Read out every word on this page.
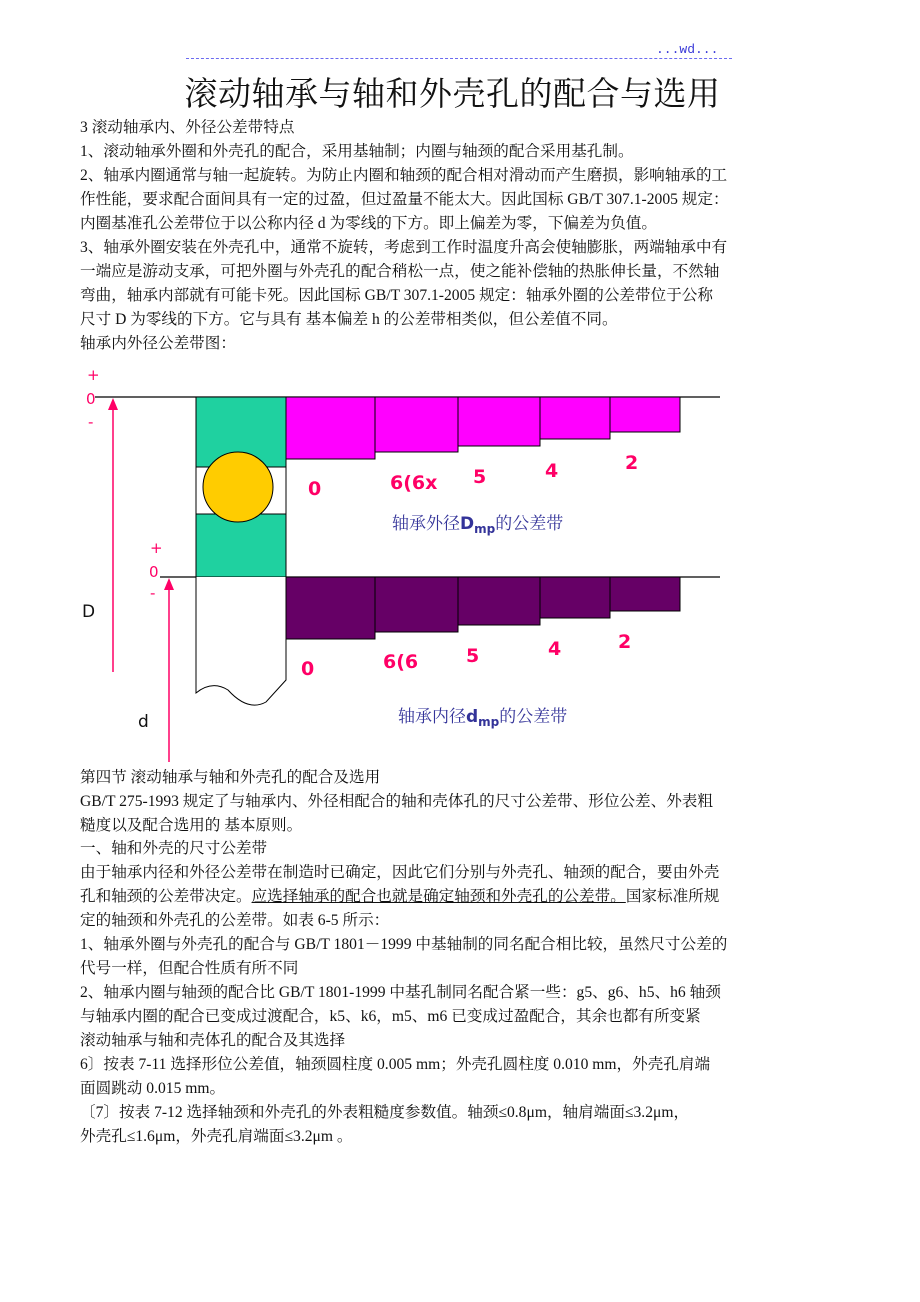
...wd...
滚动轴承与轴和外壳孔的配合与选用
3 滚动轴承内、外径公差带特点
1、滚动轴承外圈和外壳孔的配合，采用基轴制；内圈与轴颈的配合采用基孔制。
2、轴承内圈通常与轴一起旋转。为防止内圈和轴颈的配合相对滑动而产生磨损，影响轴承的工
作性能，要求配合面间具有一定的过盈，但过盈量不能太大。因此国标 GB/T 307.1-2005 规定：
内圈基准孔公差带位于以公称内径 d 为零线的下方。即上偏差为零，下偏差为负值。
3、轴承外圈安装在外壳孔中，通常不旋转，考虑到工作时温度升高会使轴膨胀，两端轴承中有
一端应是游动支承，可把外圈与外壳孔的配合稍松一点，使之能补偿轴的热胀伸长量，不然轴
弯曲，轴承内部就有可能卡死。因此国标 GB/T 307.1-2005 规定：轴承外圈的公差带位于公称
尺寸 D 为零线的下方。它与具有 基本偏差 h 的公差带相类似，但公差值不同。
轴承内外径公差带图：
+
0
-
D
+
0
-
d
0	6(6x 5	4	2
0	6(6	5	4	2
轴承外径$D_{mp}$的公差带
轴承内径$d_{mp}$的公差带
第四节 滚动轴承与轴和外壳孔的配合及选用
GB/T 275-1993 规定了与轴承内、外径相配合的轴和壳体孔的尺寸公差带、形位公差、外表粗
糙度以及配合选用的 基本原则。
一、轴和外壳的尺寸公差带
由于轴承内径和外径公差带在制造时已确定，因此它们分别与外壳孔、轴颈的配合，要由外壳
孔和轴颈的公差带决定。应选择轴承的配合也就是确定轴颈和外壳孔的公差带。国家标准所规
定的轴颈和外壳孔的公差带。如表 6-5 所示：
1、轴承外圈与外壳孔的配合与 GB/T 1801－1999 中基轴制的同名配合相比较，虽然尺寸公差的
代号一样，但配合性质有所不同
2、轴承内圈与轴颈的配合比 GB/T 1801-1999 中基孔制同名配合紧一些：g5、g6、h5、h6 轴颈
与轴承内圈的配合已变成过渡配合，k5、k6，m5、m6 已变成过盈配合，其余也都有所变紧
滚动轴承与轴和壳体孔的配合及其选择
6〕按表 7-11 选择形位公差值，轴颈圆柱度 0.005 mm；外壳孔圆柱度 0.010 mm，外壳孔肩端
面圆跳动 0.015 mm。
〔7〕按表 7-12 选择轴颈和外壳孔的外表粗糙度参数值。轴颈≤0.8μm，轴肩端面≤3.2μm，
外壳孔≤1.6μm，外壳孔肩端面≤3.2μm 。
